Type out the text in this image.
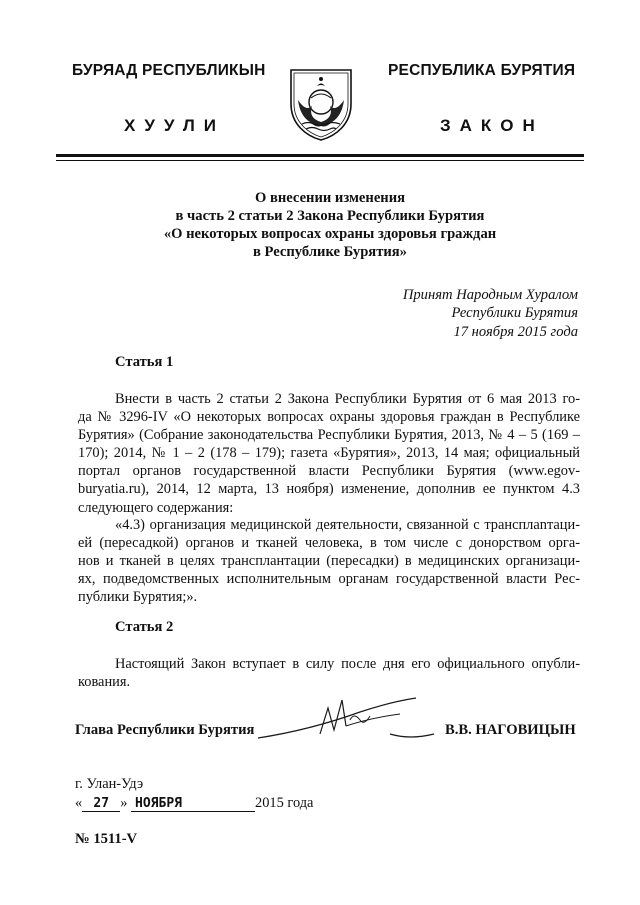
БУРЯАД РЕСПУБЛИКЫН
ХУУЛИ
РЕСПУБЛИКА БУРЯТИЯ
ЗАКОН
О внесении изменения
в часть 2 статьи 2 Закона Республики Бурятия
«О некоторых вопросах охраны здоровья граждан
в Республике Бурятия»
Принят Народным Хуралом
Республики Бурятия
17 ноября 2015 года
Статья 1
Внести в часть 2 статьи 2 Закона Республики Бурятия от 6 мая 2013 го-
да № 3296-IV «О некоторых вопросах охраны здоровья граждан в Республике
Бурятия» (Собрание законодательства Республики Бурятия, 2013, № 4 – 5 (169 –
170); 2014, № 1 – 2 (178 – 179); газета «Бурятия», 2013, 14 мая; официальный
портал органов государственной власти Республики Бурятия (www.egov-
buryatia.ru), 2014, 12 марта, 13 ноября) изменение, дополнив ее пунктом 4.3
следующего содержания:
«4.3) организация медицинской деятельности, связанной с трансплanтаци-
ей (пересадкой) органов и тканей человека, в том числе с донорством орга-
нов и тканей в целях трансплантации (пересадки) в медицинских организаци-
ях, подведомственных исполнительным органам государственной власти Рес-
публики Бурятия;».
Статья 2
Настоящий Закон вступает в силу после дня его официального опубли-
кования.
Глава Республики Бурятия	В.В. НАГОВИЦЫН
г. Улан-Удэ
« 27 » НОЯБРЯ	2015 года
№ 1511-V
